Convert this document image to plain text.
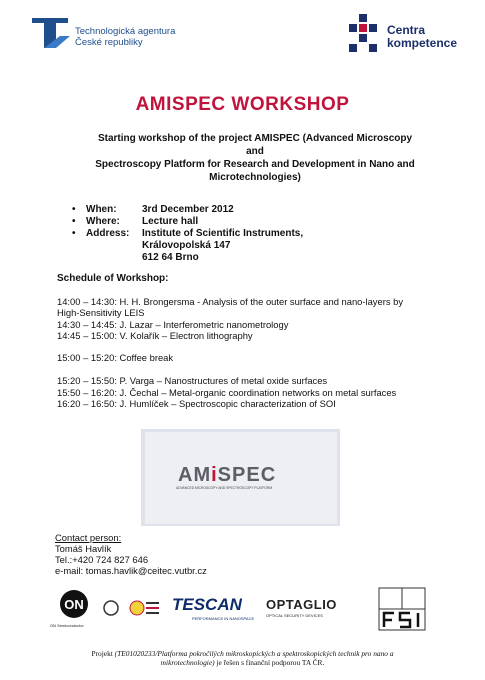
Technologická agentura
České republiky
Centra
kompetence
AMISPEC WORKSHOP
Starting workshop of the project AMISPEC (Advanced Microscopy and
Spectroscopy Platform for Research and Development in Nano and
Microtechnologies)
• When:	3rd December 2012
• Where: Lecture hall
• Address: Institute of Scientific Instruments,
Královopolská 147
612 64 Brno
Schedule of Workshop:
14:00 – 14:30: H. H. Brongersma - Analysis of the outer surface and nano-layers by
High-Sensitivity LEIS
14:30 – 14:45: J. Lazar – Interferometric nanometrology
14:45 – 15:00: V. Kolařík – Electron lithography
15:00 – 15:20: Coffee break
15:20 – 15:50: P. Varga – Nanostructures of metal oxide surfaces
15:50 – 16:20: J. Čechal – Metal-organic coordination networks on metal surfaces
16:20 – 16:50: J. Humlíček – Spectroscopic characterization of SOI
AMiSPEC
ADVANCED MICROSCOPY AND SPECTROSCOPY PLATFORM
Contact person:
Tomáš Havlík
Tel.:+420 724 827 646
e-mail: tomas.havlik@ceitec.vutbr.cz
ON
ON Semiconductor
TESCAN
PERFORMANCE IN NANOSPACE
OPTAGLIO
OPTICAL SECURITY DEVICES
Projekt (TE01020233/Platforma pokročilých mikroskopických a spektroskopických technik pro nano a
mikrotechnologie) je řešen s finanční podporou TA ČR.
